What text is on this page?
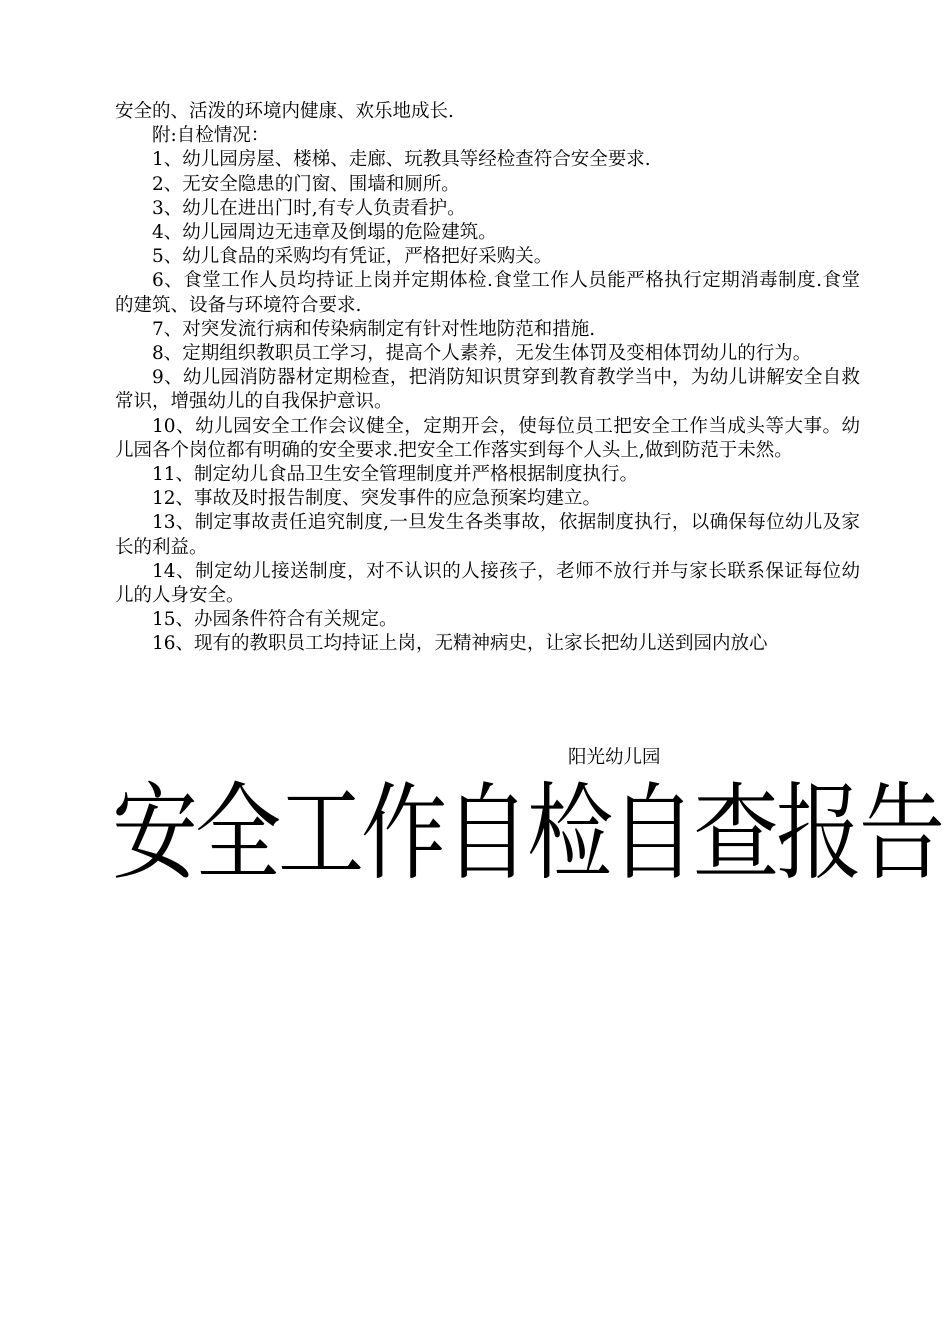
安全的、活泼的环境内健康、欢乐地成长.

附:自检情况：

1、幼儿园房屋、楼梯、走廊、玩教具等经检查符合安全要求.

2、无安全隐患的门窗、围墙和厕所。

3、幼儿在进出门时,有专人负责看护。

4、幼儿园周边无违章及倒塌的危险建筑。

5、幼儿食品的采购均有凭证，严格把好采购关。

6、食堂工作人员均持证上岗并定期体检.食堂工作人员能严格执行定期消毒制度.食堂的建筑、设备与环境符合要求.

7、对突发流行病和传染病制定有针对性地防范和措施.

8、定期组织教职员工学习，提高个人素养，无发生体罚及变相体罚幼儿的行为。

9、幼儿园消防器材定期检查，把消防知识贯穿到教育教学当中，为幼儿讲解安全自救常识，增强幼儿的自我保护意识。

10、幼儿园安全工作会议健全，定期开会，使每位员工把安全工作当成头等大事。幼儿园各个岗位都有明确的安全要求.把安全工作落实到每个人头上,做到防范于未然。

11、制定幼儿食品卫生安全管理制度并严格根据制度执行。

12、事故及时报告制度、突发事件的应急预案均建立。

13、制定事故责任追究制度,一旦发生各类事故，依据制度执行，以确保每位幼儿及家长的利益。

14、制定幼儿接送制度，对不认识的人接孩子，老师不放行并与家长联系保证每位幼儿的人身安全。

15、办园条件符合有关规定。

16、现有的教职员工均持证上岗，无精神病史，让家长把幼儿送到园内放心

阳光幼儿园
安全工作自检自查报告
